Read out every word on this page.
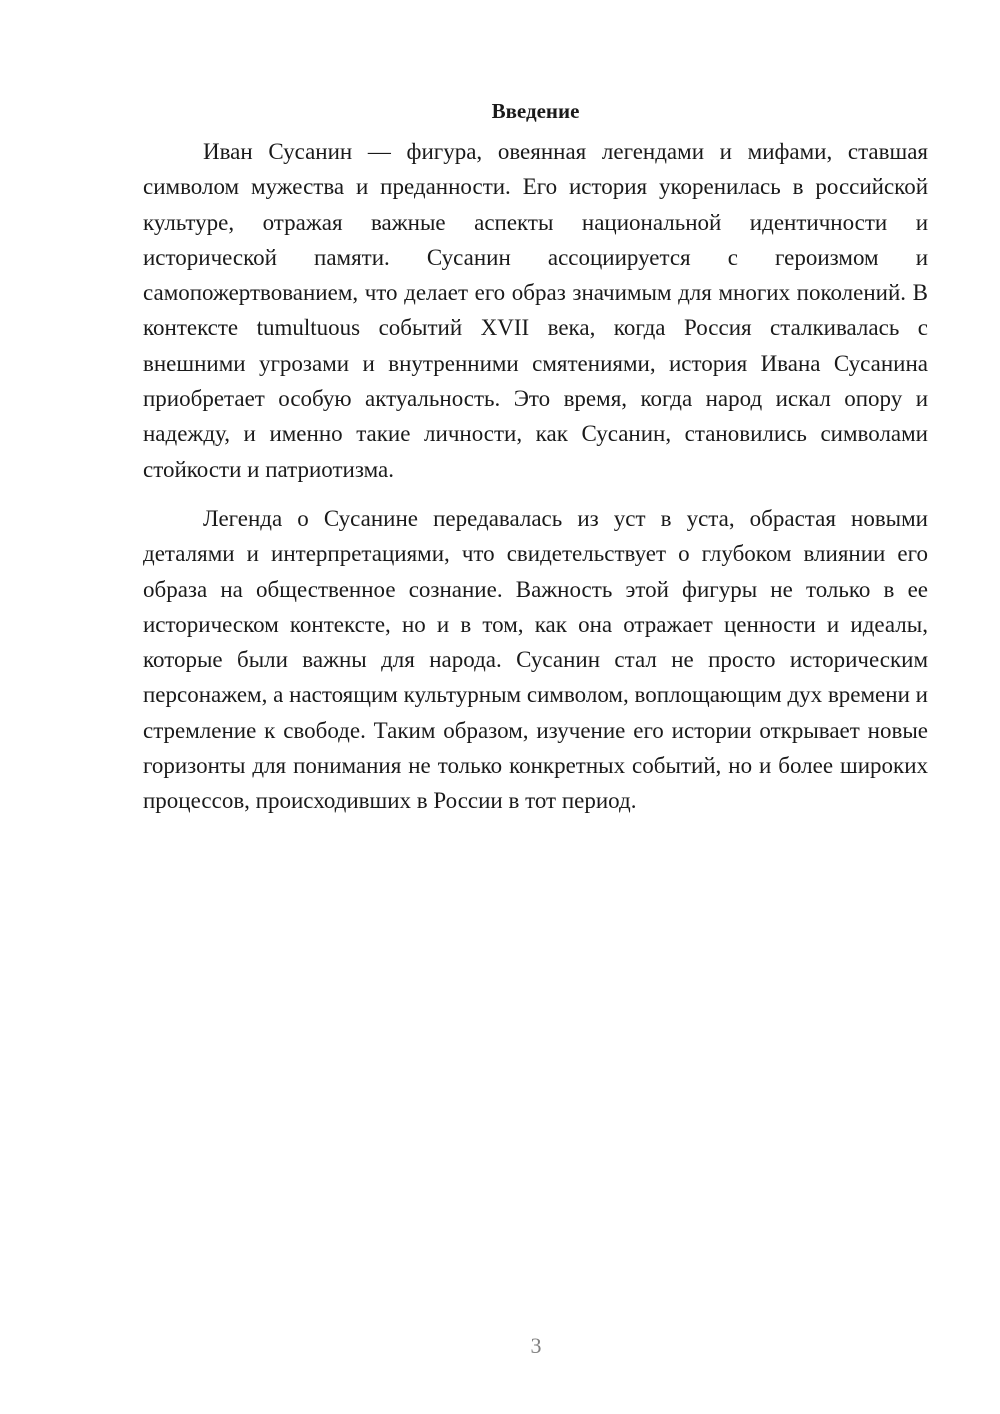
Введение

Иван Сусанин — фигура, овеянная легендами и мифами, ставшая символом мужества и преданности. Его история укоренилась в российской культуре, отражая важные аспекты национальной идентичности и исторической памяти. Сусанин ассоциируется с героизмом и самопожертвованием, что делает его образ значимым для многих поколений. В контексте tumultuous событий XVII века, когда Россия сталкивалась с внешними угрозами и внутренними смятениями, история Ивана Сусанина приобретает особую актуальность. Это время, когда народ искал опору и надежду, и именно такие личности, как Сусанин, становились символами стойкости и патриотизма.

Легенда о Сусанине передавалась из уст в уста, обрастая новыми деталями и интерпретациями, что свидетельствует о глубоком влиянии его образа на общественное сознание. Важность этой фигуры не только в ее историческом контексте, но и в том, как она отражает ценности и идеалы, которые были важны для народа. Сусанин стал не просто историческим персонажем, а настоящим культурным символом, воплощающим дух времени и стремление к свободе. Таким образом, изучение его истории открывает новые горизонты для понимания не только конкретных событий, но и более широких процессов, происходивших в России в тот период.

3
